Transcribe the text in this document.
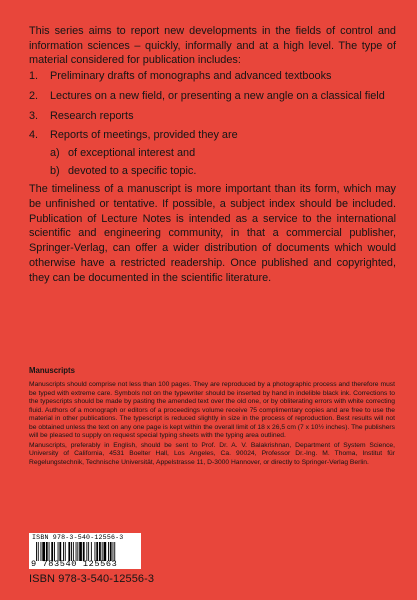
This series aims to report new developments in the fields of control and information sciences – quickly, informally and at a high level. The type of material considered for publication includes:

1. Preliminary drafts of monographs and advanced textbooks
2. Lectures on a new field, or presenting a new angle on a classical field
3. Research reports
4. Reports of meetings, provided they are
a) of exceptional interest and
b) devoted to a specific topic.

The timeliness of a manuscript is more important than its form, which may be unfinished or tentative. If possible, a subject index should be included. Publication of Lecture Notes is intended as a service to the international scientific and engineering community, in that a commercial publisher, Springer-Verlag, can offer a wider distribution of documents which would otherwise have a restricted readership. Once published and copyrighted, they can be documented in the scientific literature.

Manuscripts

Manuscripts should comprise not less than 100 pages. They are reproduced by a photographic process and therefore must be typed with extreme care. Symbols not on the typewriter should be inserted by hand in indelible black ink. Corrections to the typescripts should be made by pasting the amended text over the old one, or by obliterating errors with white correcting fluid. Authors of a monograph or editors of a proceedings volume receive 75 complimentary copies and are free to use the material in other publications. The typescript is reduced slightly in size in the process of reproduction. Best results will not be obtained unless the text on any one page is kept within the overall limit of 18 x 26,5 cm (7 x 10½ inches). The publishers will be pleased to supply on request special typing sheets with the typing area outlined.

Manuscripts, preferably in English, should be sent to Prof. Dr. A. V. Balakrishnan, Department of System Science, University of California, 4531 Boelter Hall, Los Angeles, Ca. 90024, Professor Dr.-Ing. M. Thoma, Institut für Regelungstechnik, Technische Universität, Appelstrasse 11, D-3000 Hannover, or directly to Springer-Verlag Berlin.

ISBN 978-3-540-12556-3
9 783540 125563
ISBN 978-3-540-12556-3
